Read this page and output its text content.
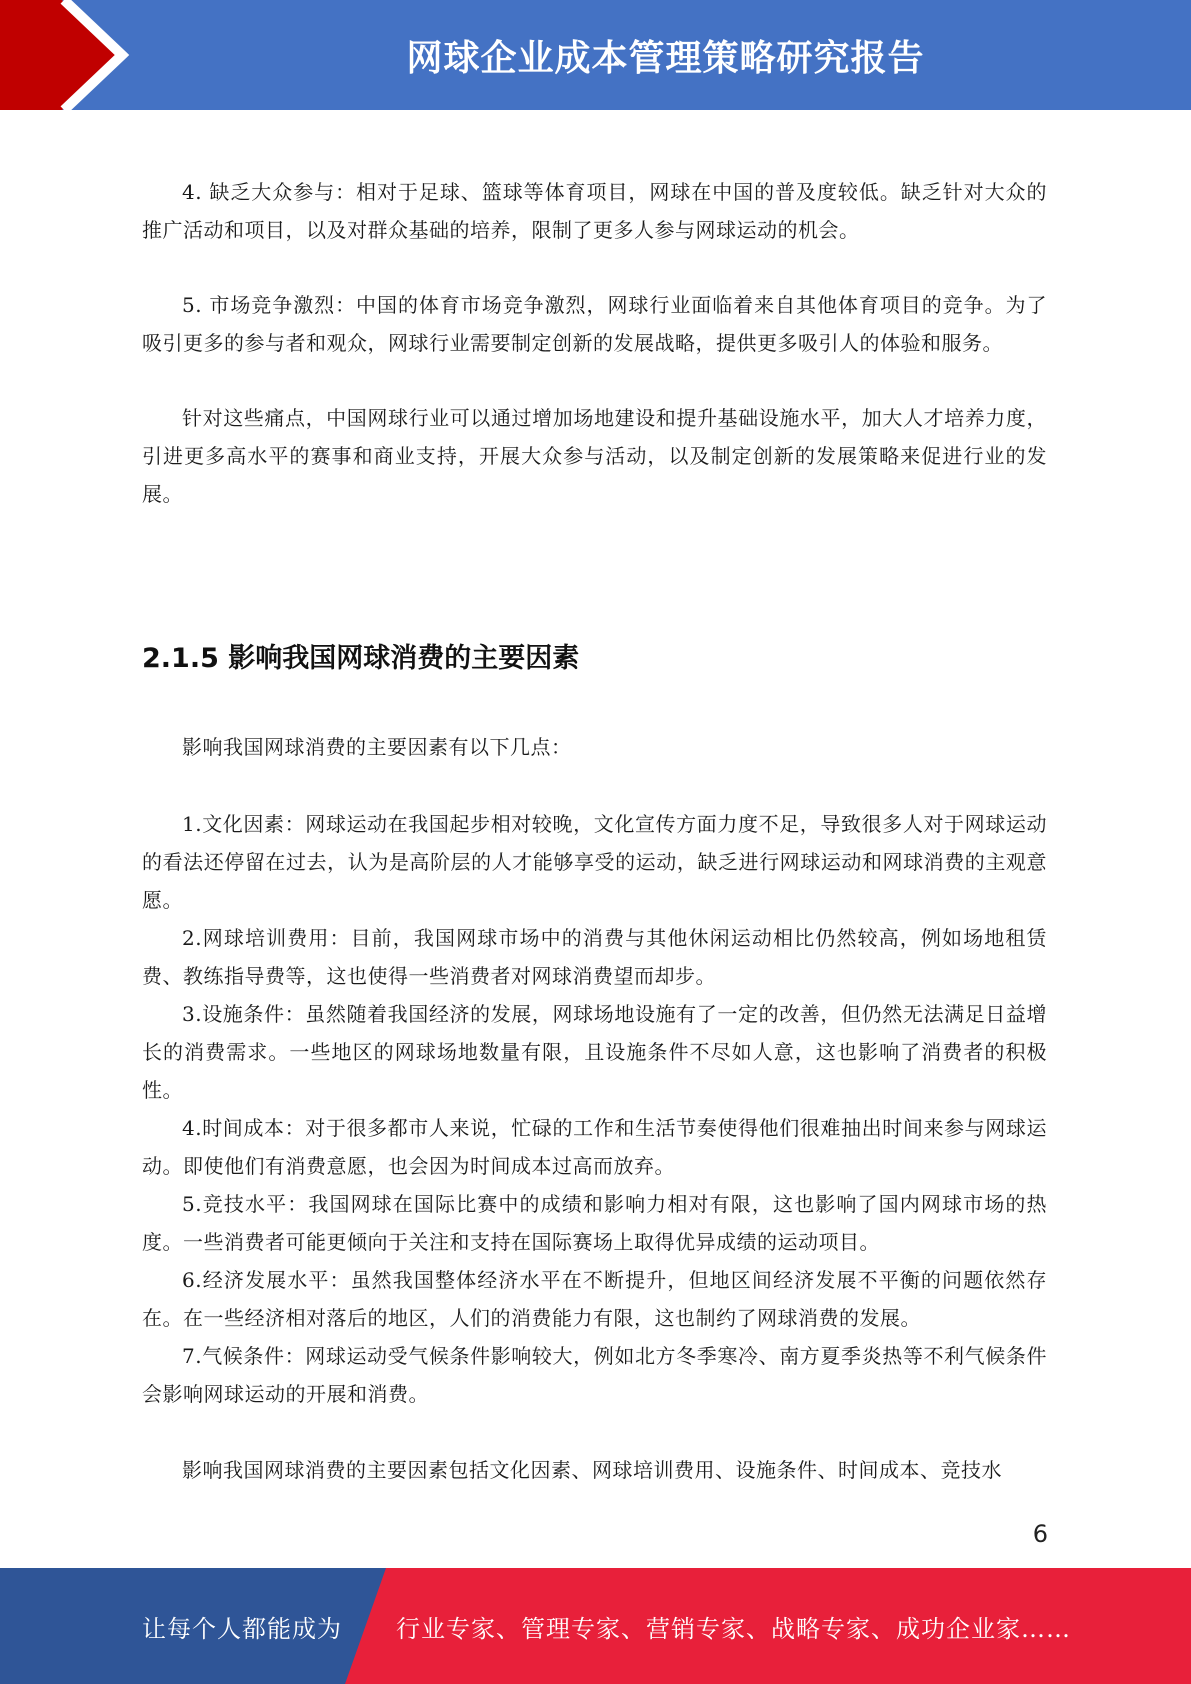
网球企业成本管理策略研究报告

4. 缺乏大众参与：相对于足球、篮球等体育项目，网球在中国的普及度较低。缺乏针对大众的推广活动和项目，以及对群众基础的培养，限制了更多人参与网球运动的机会。

5. 市场竞争激烈：中国的体育市场竞争激烈，网球行业面临着来自其他体育项目的竞争。为了吸引更多的参与者和观众，网球行业需要制定创新的发展战略，提供更多吸引人的体验和服务。

针对这些痛点，中国网球行业可以通过增加场地建设和提升基础设施水平，加大人才培养力度，引进更多高水平的赛事和商业支持，开展大众参与活动，以及制定创新的发展策略来促进行业的发展。

2.1.5 影响我国网球消费的主要因素

影响我国网球消费的主要因素有以下几点：

1.文化因素：网球运动在我国起步相对较晚，文化宣传方面力度不足，导致很多人对于网球运动的看法还停留在过去，认为是高阶层的人才能够享受的运动，缺乏进行网球运动和网球消费的主观意愿。

2.网球培训费用：目前，我国网球市场中的消费与其他休闲运动相比仍然较高，例如场地租赁费、教练指导费等，这也使得一些消费者对网球消费望而却步。

3.设施条件：虽然随着我国经济的发展，网球场地设施有了一定的改善，但仍然无法满足日益增长的消费需求。一些地区的网球场地数量有限，且设施条件不尽如人意，这也影响了消费者的积极性。

4.时间成本：对于很多都市人来说，忙碌的工作和生活节奏使得他们很难抽出时间来参与网球运动。即使他们有消费意愿，也会因为时间成本过高而放弃。

5.竞技水平：我国网球在国际比赛中的成绩和影响力相对有限，这也影响了国内网球市场的热度。一些消费者可能更倾向于关注和支持在国际赛场上取得优异成绩的运动项目。

6.经济发展水平：虽然我国整体经济水平在不断提升，但地区间经济发展不平衡的问题依然存在。在一些经济相对落后的地区，人们的消费能力有限，这也制约了网球消费的发展。

7.气候条件：网球运动受气候条件影响较大，例如北方冬季寒冷、南方夏季炎热等不利气候条件会影响网球运动的开展和消费。

影响我国网球消费的主要因素包括文化因素、网球培训费用、设施条件、时间成本、竞技水

6
让每个人都能成为 行业专家、管理专家、营销专家、战略专家、成功企业家……
